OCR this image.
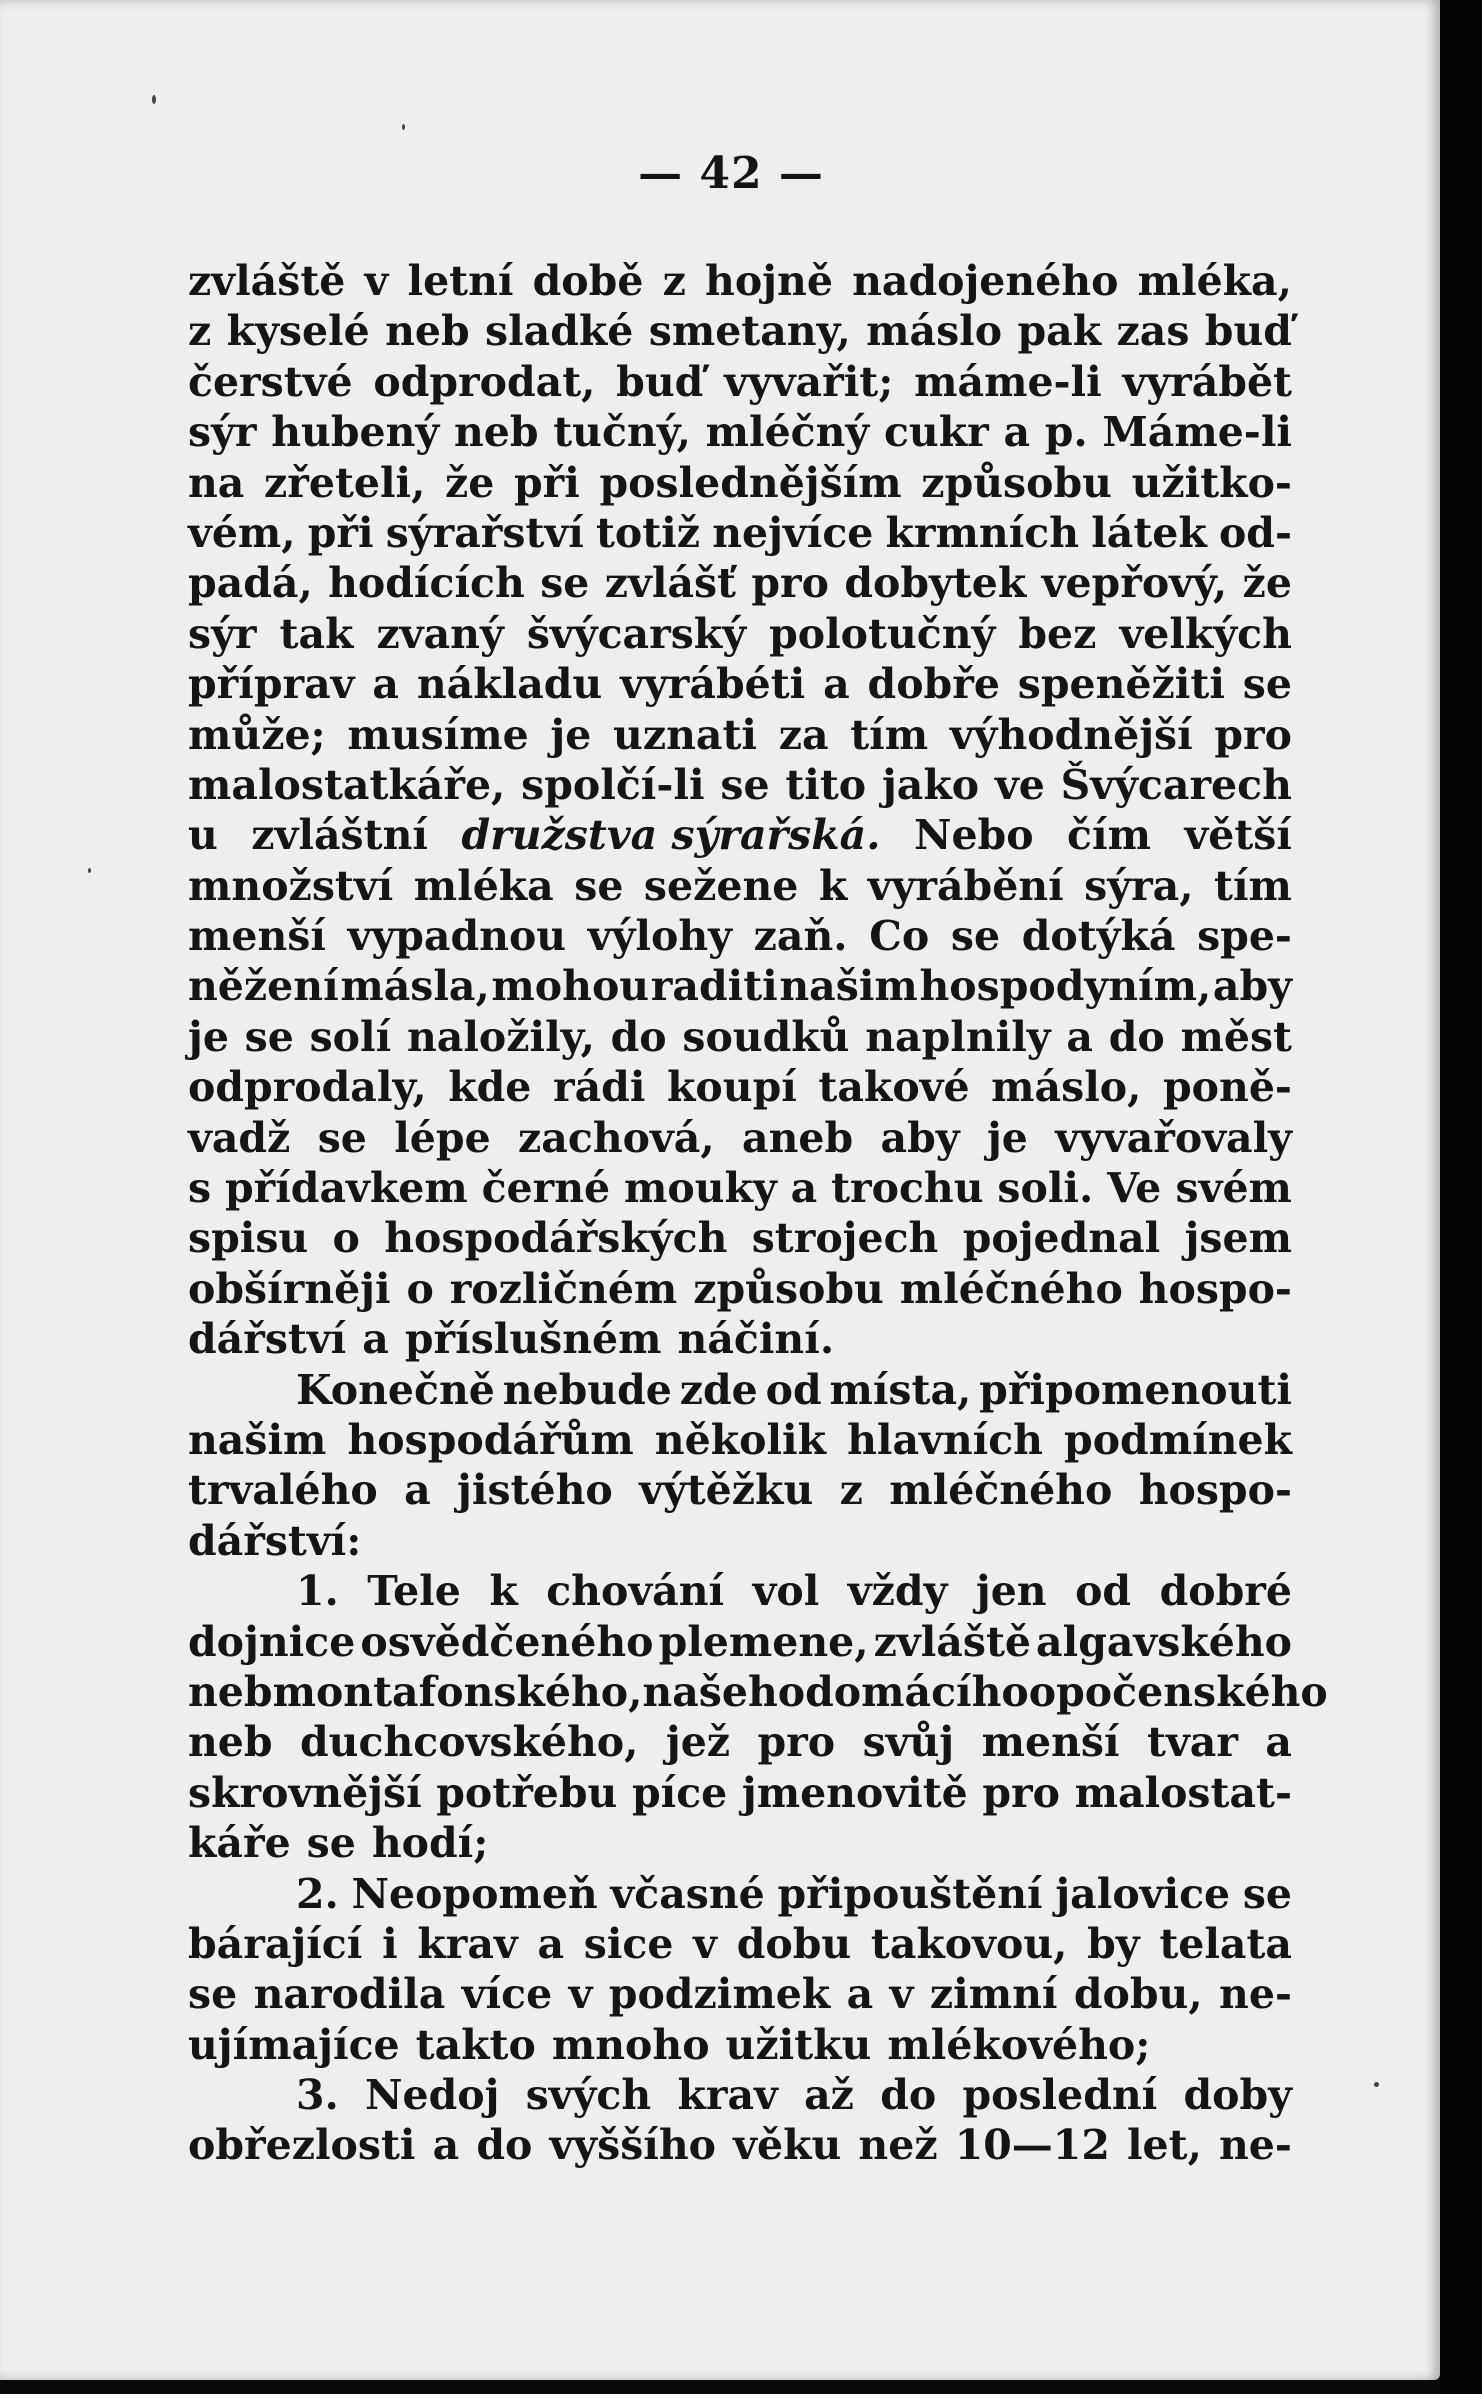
— 42 —
zvláště v letní době z hojně nadojeného mléka,
z kyselé neb sladké smetany, máslo pak zas buď
čerstvé odprodat, buď vyvařit; máme-li vyrábět
sýr hubený neb tučný, mléčný cukr a p. Máme-li
na zřeteli, že při poslednějším způsobu užitko-
vém, při sýrařství totiž nejvíce krmních látek od-
padá, hodících se zvlášť pro dobytek vepřový, že
sýr tak zvaný švýcarský polotučný bez velkých
příprav a nákladu vyrábéti a dobře speněžiti se
může; musíme je uznati za tím výhodnější pro
malostatkáře, spolčí-li se tito jako ve Švýcarech
u zvláštní družstva sýrařská. Nebo čím větší
množství mléka se sežene k vyrábění sýra, tím
menší vypadnou výlohy zaň. Co se dotýká spe-
něžení másla, mohou raditi našim hospodyním, aby
je se solí naložily, do soudků naplnily a do měst
odprodaly, kde rádi koupí takové máslo, poně-
vadž se lépe zachová, aneb aby je vyvařovaly
s přídavkem černé mouky a trochu soli. Ve svém
spisu o hospodářských strojech pojednal jsem
obšírněji o rozličném způsobu mléčného hospo-
dářství a příslušném náčiní.
Konečně nebude zde od místa, připomenouti
našim hospodářům několik hlavních podmínek
trvalého a jistého výtěžku z mléčného hospo-
dářství:
1. Tele k chování vol vždy jen od dobré
dojnice osvědčeného plemene, zvláště algavského
neb montafonského, našeho domácího opočenského
neb duchcovského, jež pro svůj menší tvar a
skrovnější potřebu píce jmenovitě pro malostat-
káře se hodí;
2. Neopomeň včasné připouštění jalovice se
bárající i krav a sice v dobu takovou, by telata
se narodila více v podzimek a v zimní dobu, ne-
ujímajíce takto mnoho užitku mlékového;
3. Nedoj svých krav až do poslední doby
obřezlosti a do vyššího věku než 10—12 let, ne-
